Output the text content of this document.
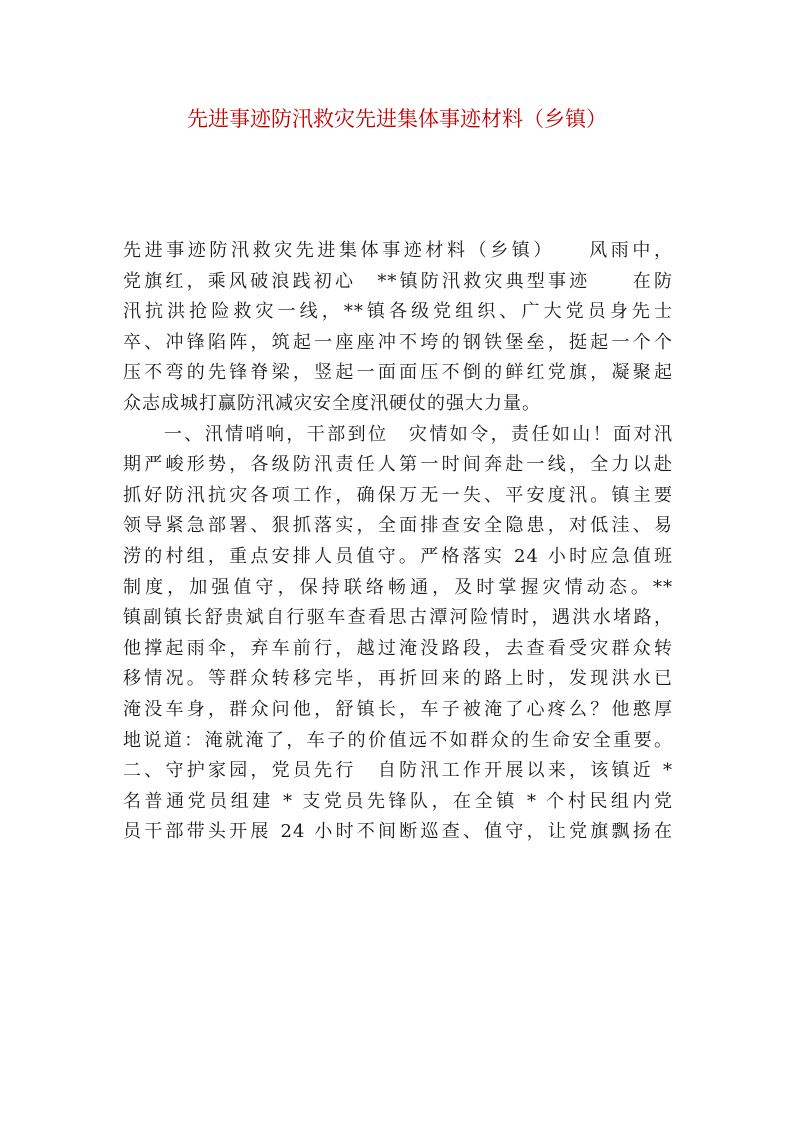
先进事迹防汛救灾先进集体事迹材料（乡镇）
先进事迹防汛救灾先进集体事迹材料（乡镇）　　风雨中，
党旗红，乘风破浪践初心　**镇防汛救灾典型事迹　　在防
汛抗洪抢险救灾一线，**镇各级党组织、广大党员身先士
卒、冲锋陷阵，筑起一座座冲不垮的钢铁堡垒，挺起一个个
压不弯的先锋脊梁，竖起一面面压不倒的鲜红党旗，凝聚起
众志成城打赢防汛减灾安全度汛硬仗的强大力量。
　　一、汛情哨响，干部到位　灾情如令，责任如山！面对汛
期严峻形势，各级防汛责任人第一时间奔赴一线，全力以赴
抓好防汛抗灾各项工作，确保万无一失、平安度汛。镇主要
领导紧急部署、狠抓落实，全面排查安全隐患，对低洼、易
涝的村组，重点安排人员值守。严格落实 24 小时应急值班
制度，加强值守，保持联络畅通，及时掌握灾情动态。**
镇副镇长舒贵斌自行驱车查看思古潭河险情时，遇洪水堵路，
他撑起雨伞，弃车前行，越过淹没路段，去查看受灾群众转
移情况。等群众转移完毕，再折回来的路上时，发现洪水已
淹没车身，群众问他，舒镇长，车子被淹了心疼么？他憨厚
地说道：淹就淹了，车子的价值远不如群众的生命安全重要。
二、守护家园，党员先行　自防汛工作开展以来，该镇近 *
名普通党员组建 * 支党员先锋队，在全镇 * 个村民组内党
员干部带头开展 24 小时不间断巡查、值守，让党旗飘扬在
